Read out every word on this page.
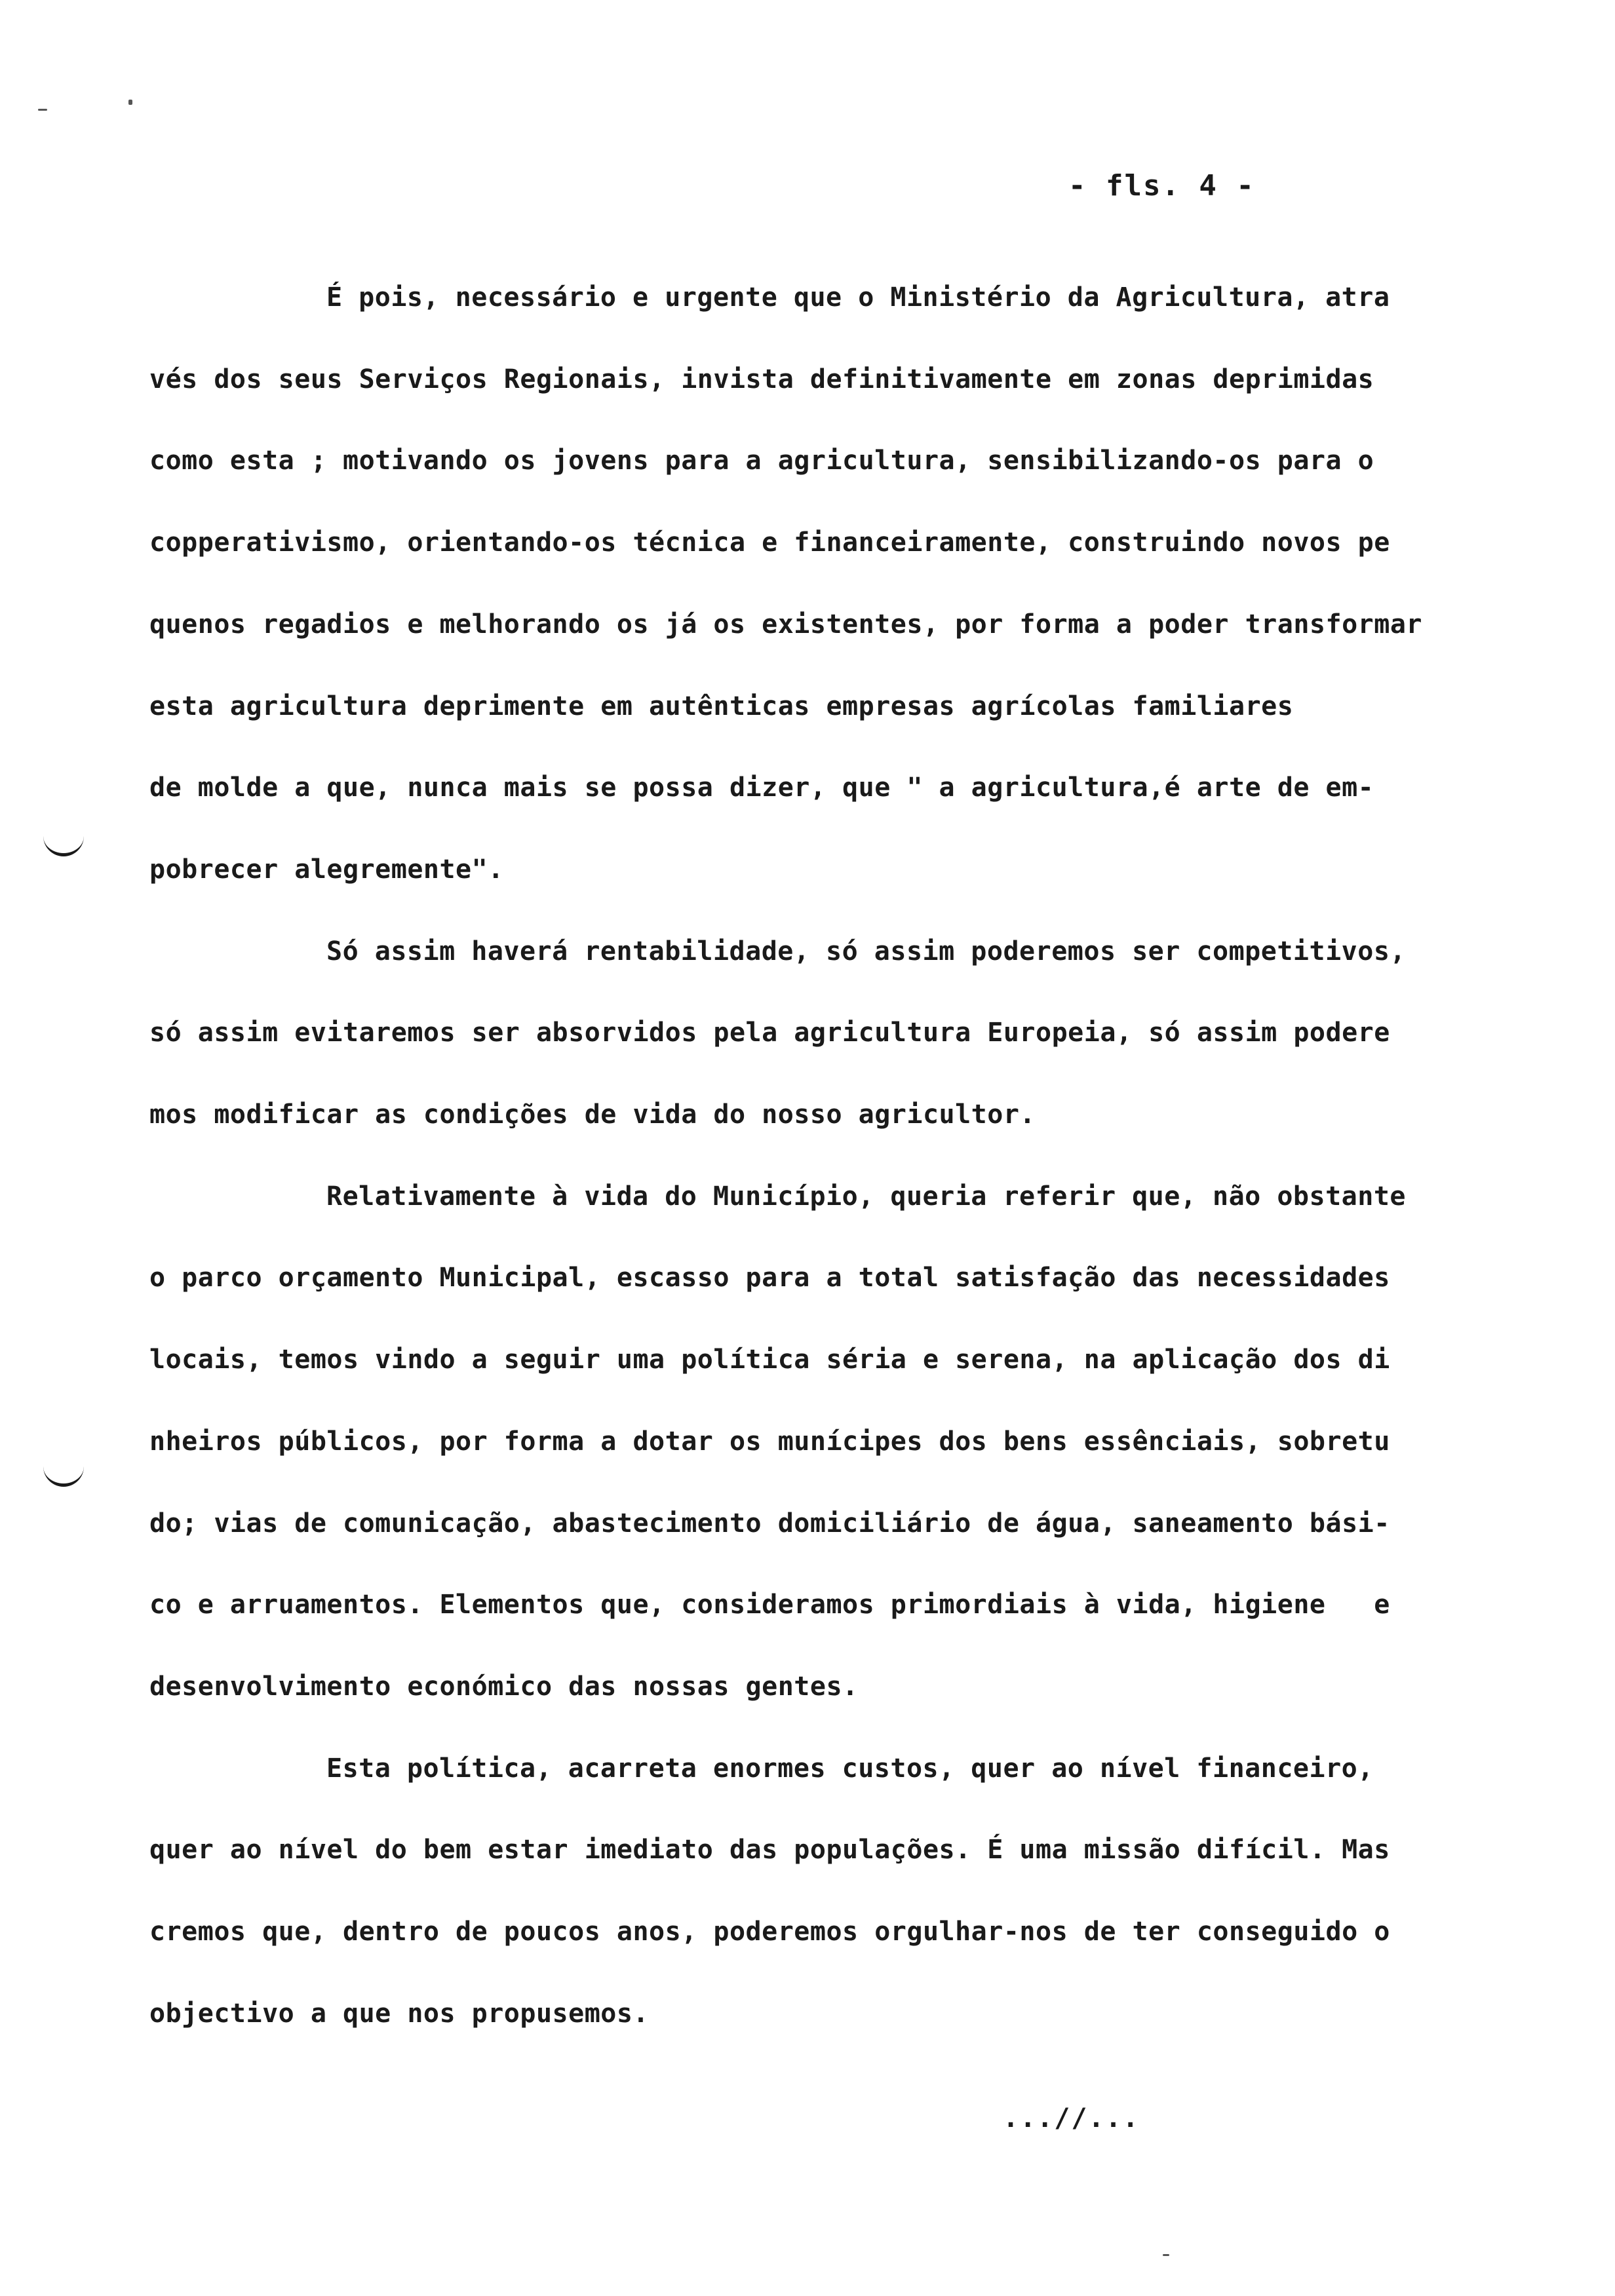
- fls. 4 -
É pois, necessário e urgente que o Ministério da Agricultura, atra
vés dos seus Serviços Regionais, invista definitivamente em zonas deprimidas
como esta ; motivando os jovens para a agricultura, sensibilizando-os para o
copperativismo, orientando-os técnica e financeiramente, construindo novos pe
quenos regadios e melhorando os já os existentes, por forma a poder transformar
esta agricultura deprimente em autênticas empresas agrícolas familiares
de molde a que, nunca mais se possa dizer, que " a agricultura,é arte de em-
pobrecer alegremente".
Só assim haverá rentabilidade, só assim poderemos ser competitivos,
só assim evitaremos ser absorvidos pela agricultura Europeia, só assim podere
mos modificar as condições de vida do nosso agricultor.
Relativamente à vida do Município, queria referir que, não obstante
o parco orçamento Municipal, escasso para a total satisfação das necessidades
locais, temos vindo a seguir uma política séria e serena, na aplicação dos di
nheiros públicos, por forma a dotar os munícipes dos bens essênciais, sobretu
do; vias de comunicação, abastecimento domiciliário de água, saneamento bási-
co e arruamentos. Elementos que, consideramos primordiais à vida, higiene   e
desenvolvimento económico das nossas gentes.
Esta política, acarreta enormes custos, quer ao nível financeiro,
quer ao nível do bem estar imediato das populações. É uma missão difícil. Mas
cremos que, dentro de poucos anos, poderemos orgulhar-nos de ter conseguido o
objectivo a que nos propusemos.
...//...
